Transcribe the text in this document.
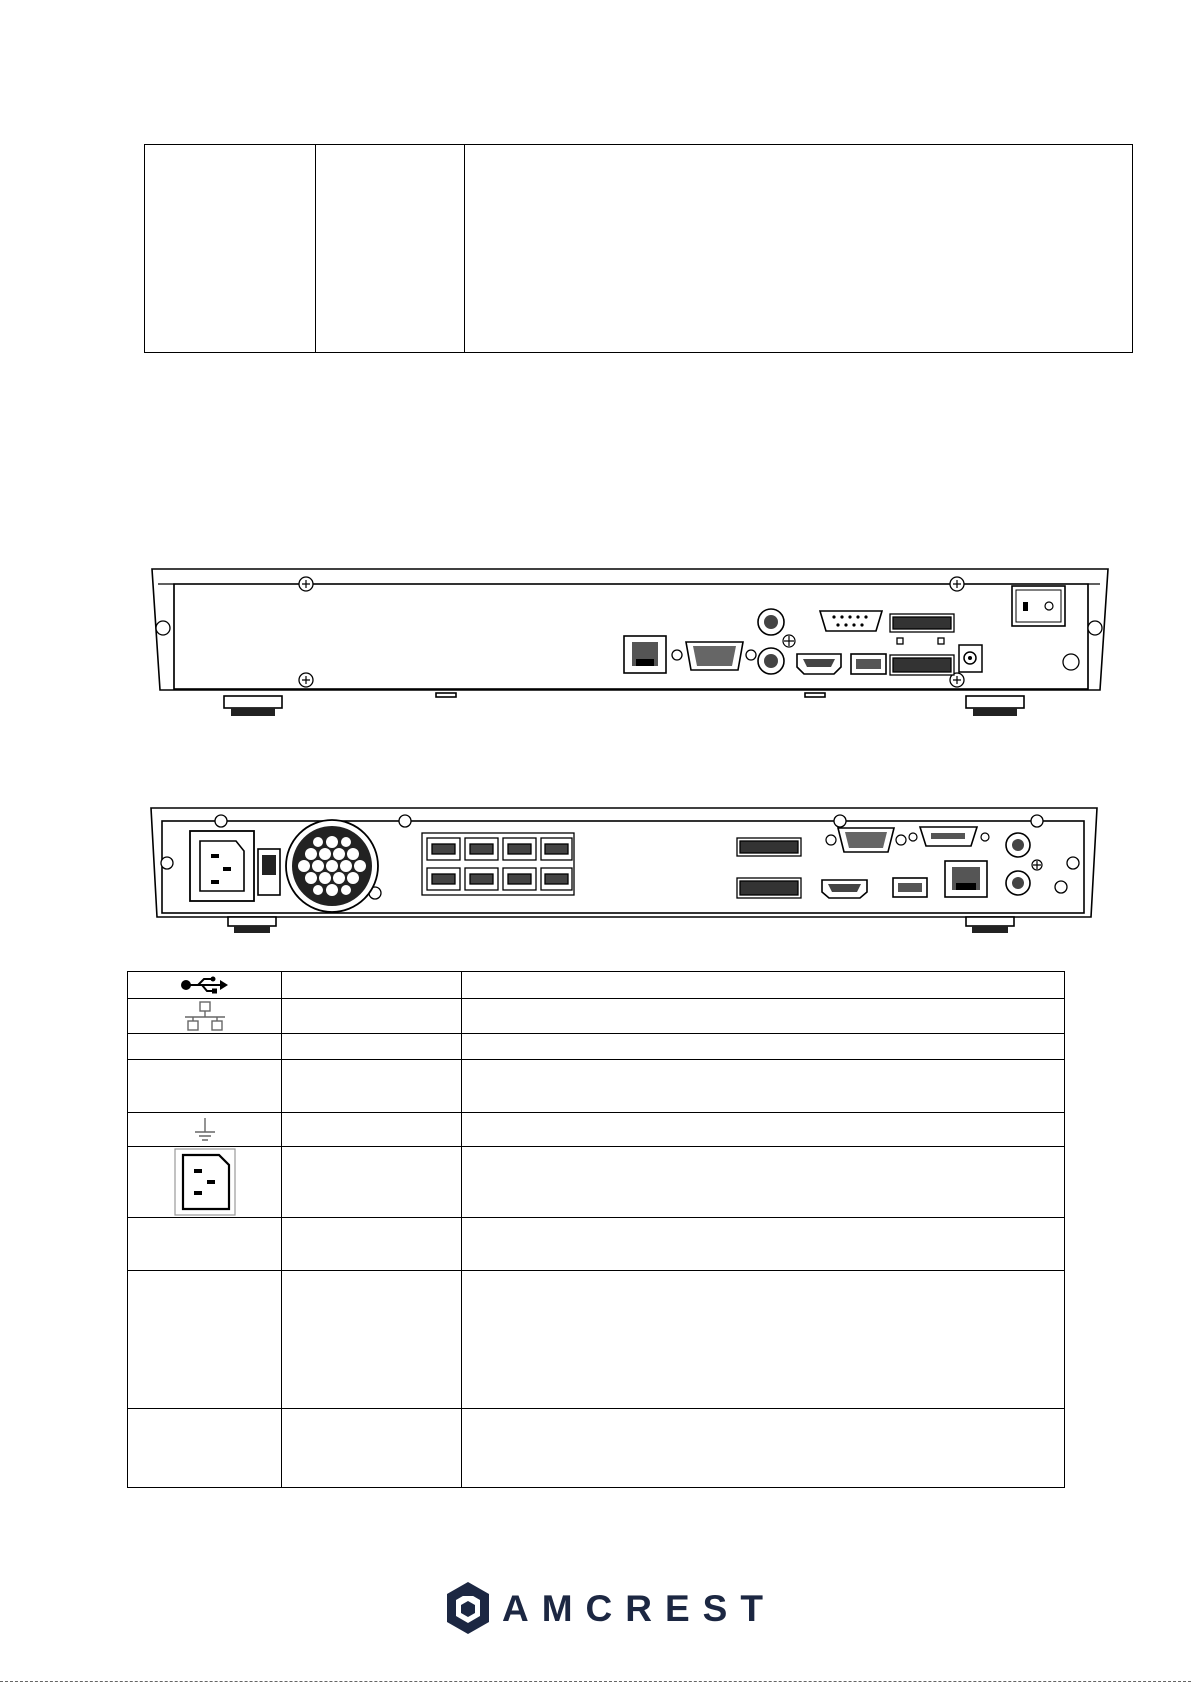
AMCREST
